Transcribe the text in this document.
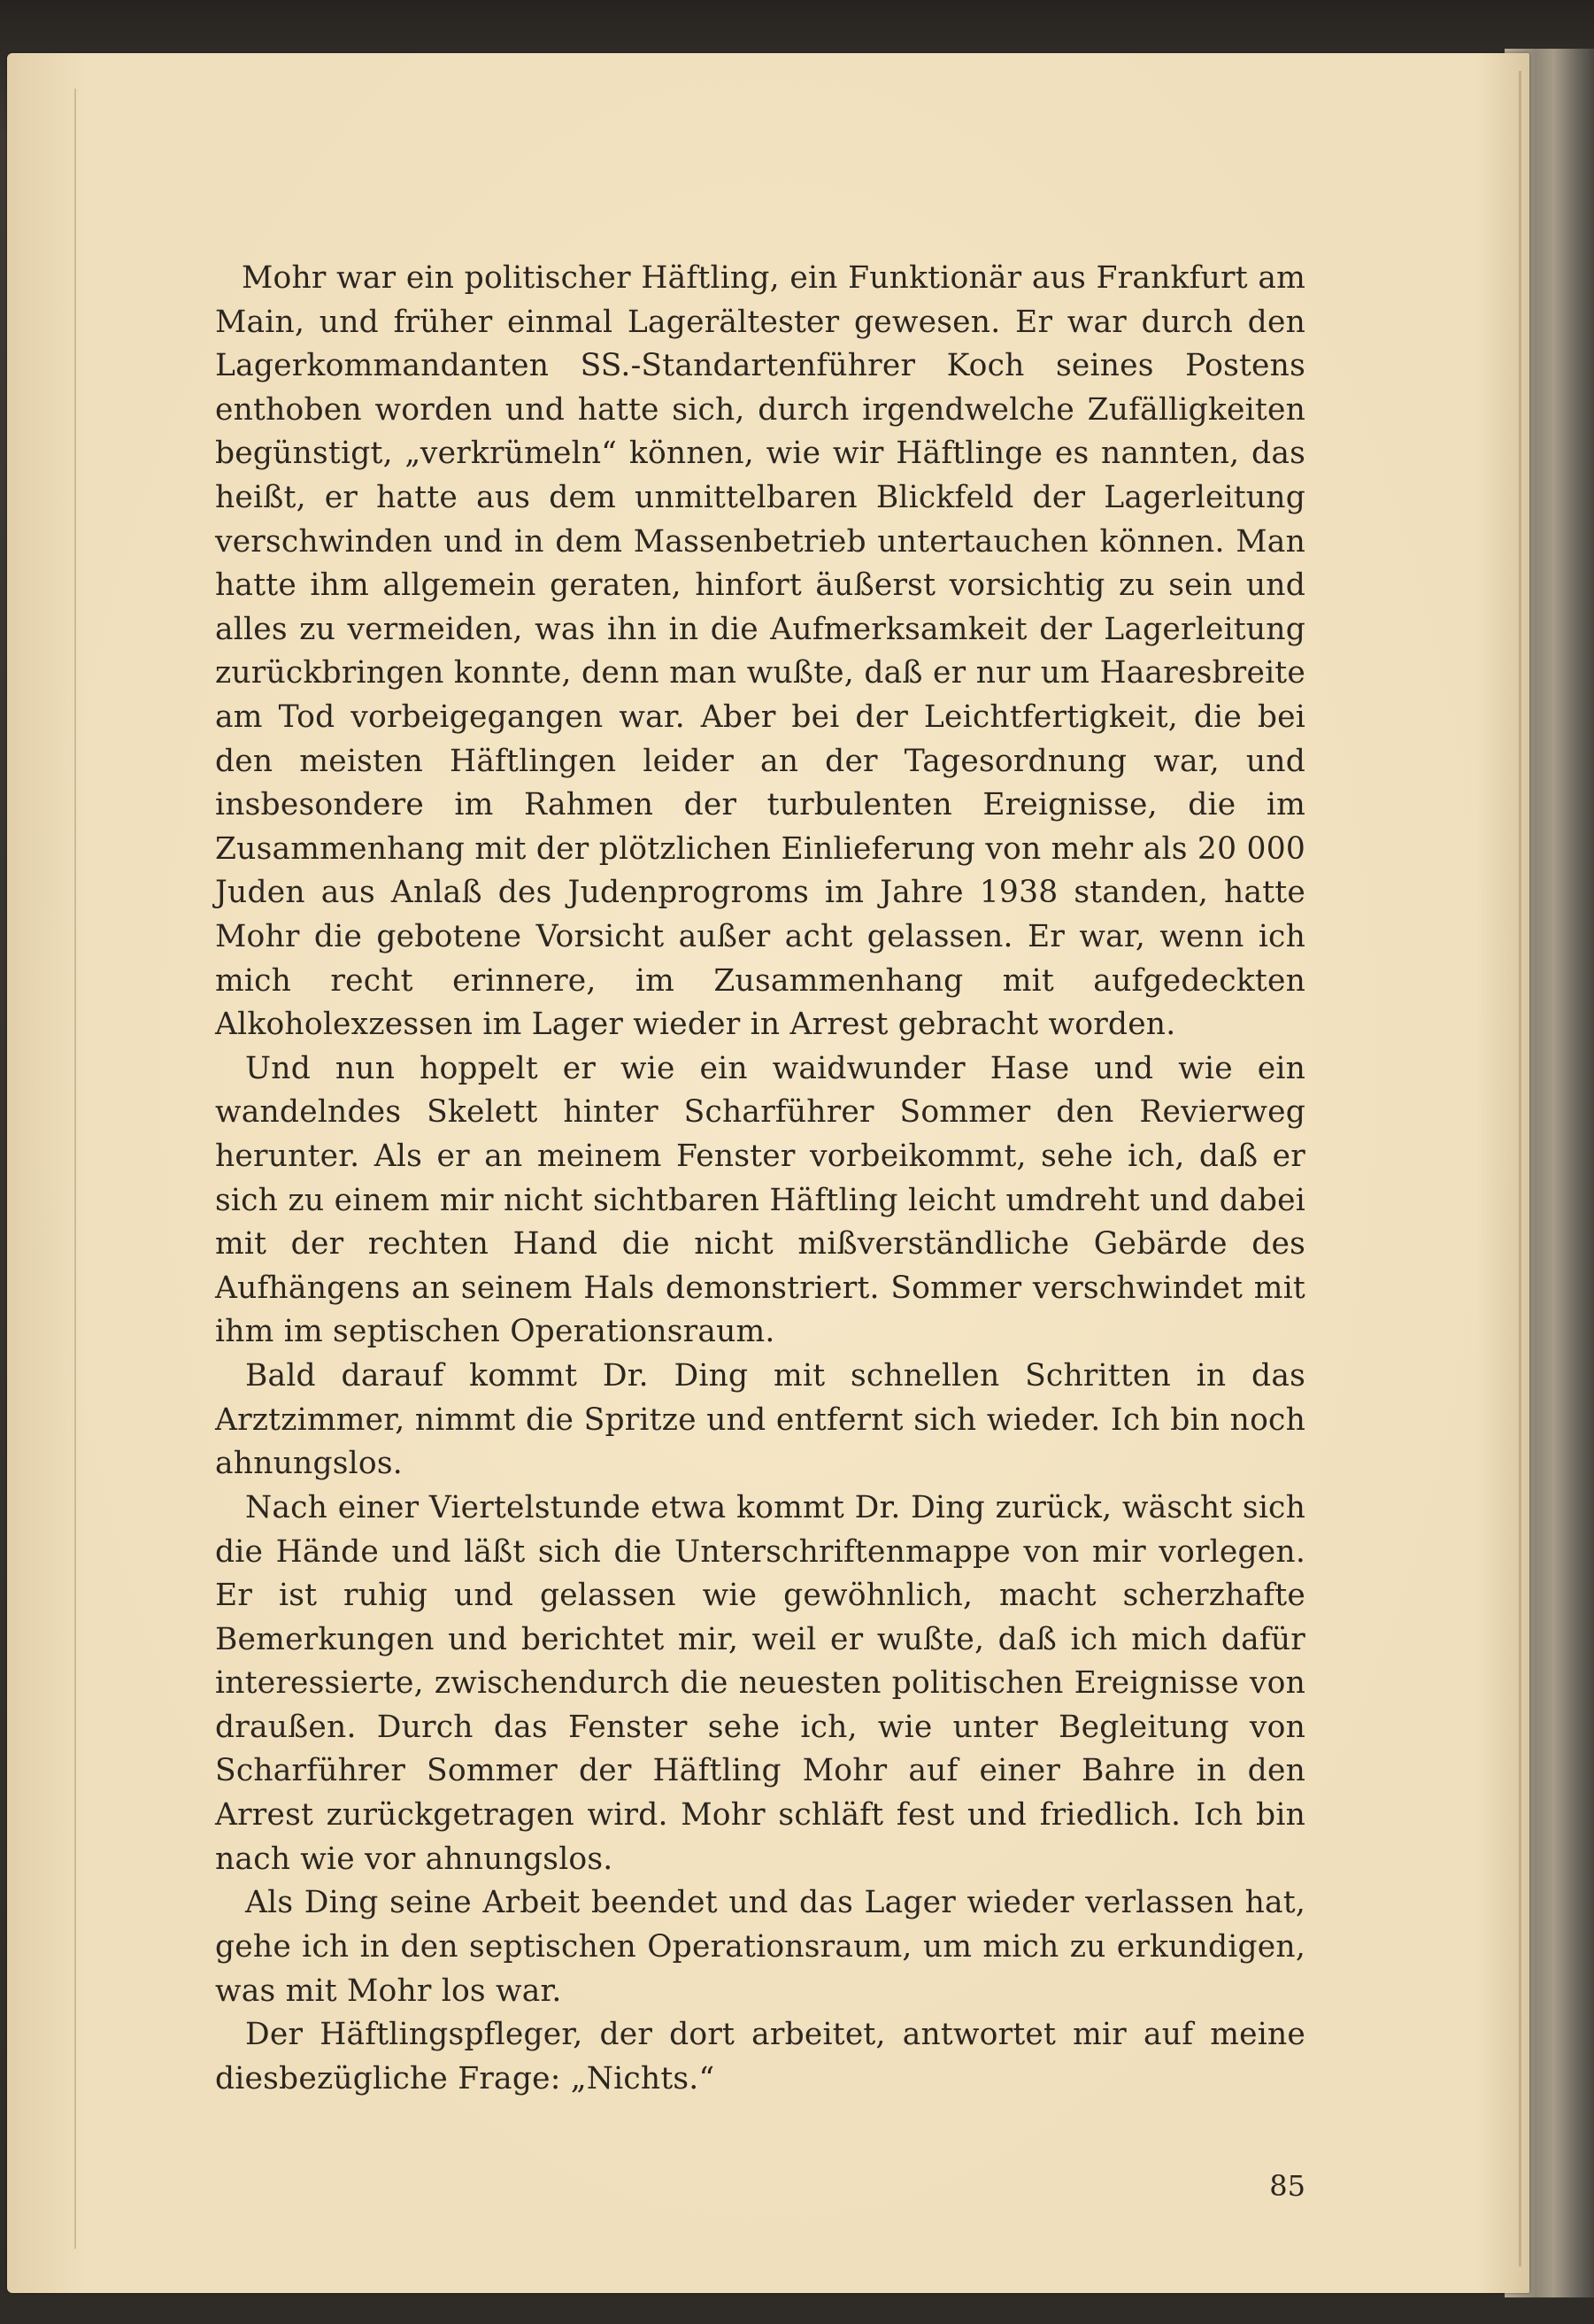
Mohr war ein politischer Häftling, ein Funktionär aus Frankfurt am Main, und früher einmal Lagerältester gewesen. Er war durch den Lagerkommandanten SS.-Standartenführer Koch seines Postens enthoben worden und hatte sich, durch irgendwelche Zufälligkeiten begünstigt, „verkrümeln“ können, wie wir Häftlinge es nannten, das heißt, er hatte aus dem unmittelbaren Blickfeld der Lagerleitung verschwinden und in dem Massenbetrieb untertauchen können. Man hatte ihm allgemein geraten, hinfort äußerst vorsichtig zu sein und alles zu vermeiden, was ihn in die Aufmerksamkeit der Lagerleitung zurückbringen konnte, denn man wußte, daß er nur um Haaresbreite am Tod vorbeigegangen war. Aber bei der Leichtfertigkeit, die bei den meisten Häftlingen leider an der Tagesordnung war, und insbesondere im Rahmen der turbulenten Ereignisse, die im Zusammenhang mit der plötzlichen Einlieferung von mehr als 20 000 Juden aus Anlaß des Judenprogroms im Jahre 1938 standen, hatte Mohr die gebotene Vorsicht außer acht gelassen. Er war, wenn ich mich recht erinnere, im Zusammenhang mit aufgedeckten Alkoholexzessen im Lager wieder in Arrest gebracht worden.

Und nun hoppelt er wie ein waidwunder Hase und wie ein wandelndes Skelett hinter Scharführer Sommer den Revierweg herunter. Als er an meinem Fenster vorbeikommt, sehe ich, daß er sich zu einem mir nicht sichtbaren Häftling leicht umdreht und dabei mit der rechten Hand die nicht mißverständliche Gebärde des Aufhängens an seinem Hals demonstriert. Sommer verschwindet mit ihm im septischen Operationsraum.

Bald darauf kommt Dr. Ding mit schnellen Schritten in das Arztzimmer, nimmt die Spritze und entfernt sich wieder. Ich bin noch ahnungslos.

Nach einer Viertelstunde etwa kommt Dr. Ding zurück, wäscht sich die Hände und läßt sich die Unterschriftenmappe von mir vorlegen. Er ist ruhig und gelassen wie gewöhnlich, macht scherzhafte Bemerkungen und berichtet mir, weil er wußte, daß ich mich dafür interessierte, zwischendurch die neuesten politischen Ereignisse von draußen. Durch das Fenster sehe ich, wie unter Begleitung von Scharführer Sommer der Häftling Mohr auf einer Bahre in den Arrest zurückgetragen wird. Mohr schläft fest und friedlich. Ich bin nach wie vor ahnungslos.

Als Ding seine Arbeit beendet und das Lager wieder verlassen hat, gehe ich in den septischen Operationsraum, um mich zu erkundigen, was mit Mohr los war.

Der Häftlingspfleger, der dort arbeitet, antwortet mir auf meine diesbezügliche Frage: „Nichts.“

85
